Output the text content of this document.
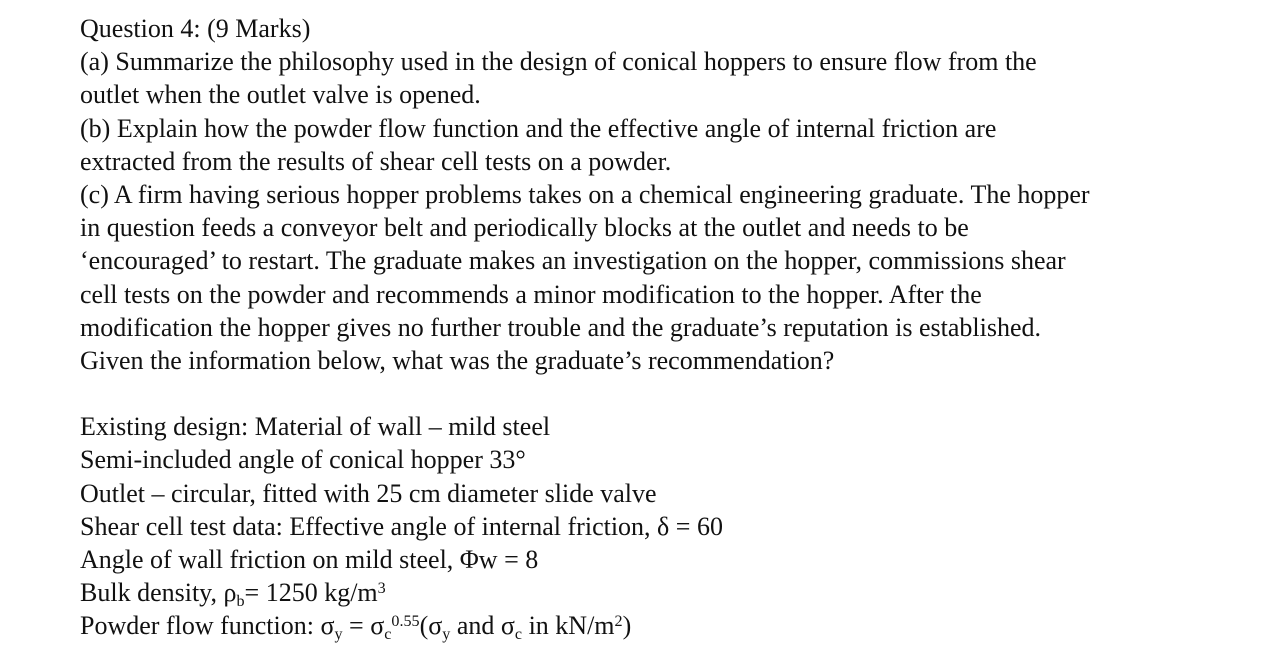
Question 4: (9 Marks)
(a) Summarize the philosophy used in the design of conical hoppers to ensure flow from the
outlet when the outlet valve is opened.
(b) Explain how the powder flow function and the effective angle of internal friction are
extracted from the results of shear cell tests on a powder.
(c) A firm having serious hopper problems takes on a chemical engineering graduate. The hopper
in question feeds a conveyor belt and periodically blocks at the outlet and needs to be
‘encouraged’ to restart. The graduate makes an investigation on the hopper, commissions shear
cell tests on the powder and recommends a minor modification to the hopper. After the
modification the hopper gives no further trouble and the graduate’s reputation is established.
Given the information below, what was the graduate’s recommendation?
Existing design: Material of wall – mild steel
Semi-included angle of conical hopper 33°
Outlet – circular, fitted with 25 cm diameter slide valve
Shear cell test data: Effective angle of internal friction, δ = 60
Angle of wall friction on mild steel, Φw = 8
Bulk density, $\rho_b= 1250$ $kg/m^3$
Powder flow function: $\sigma_y = \sigma_c^{0.55}(\sigma_y$ and $\sigma_c$ in $kN/m^2$)
